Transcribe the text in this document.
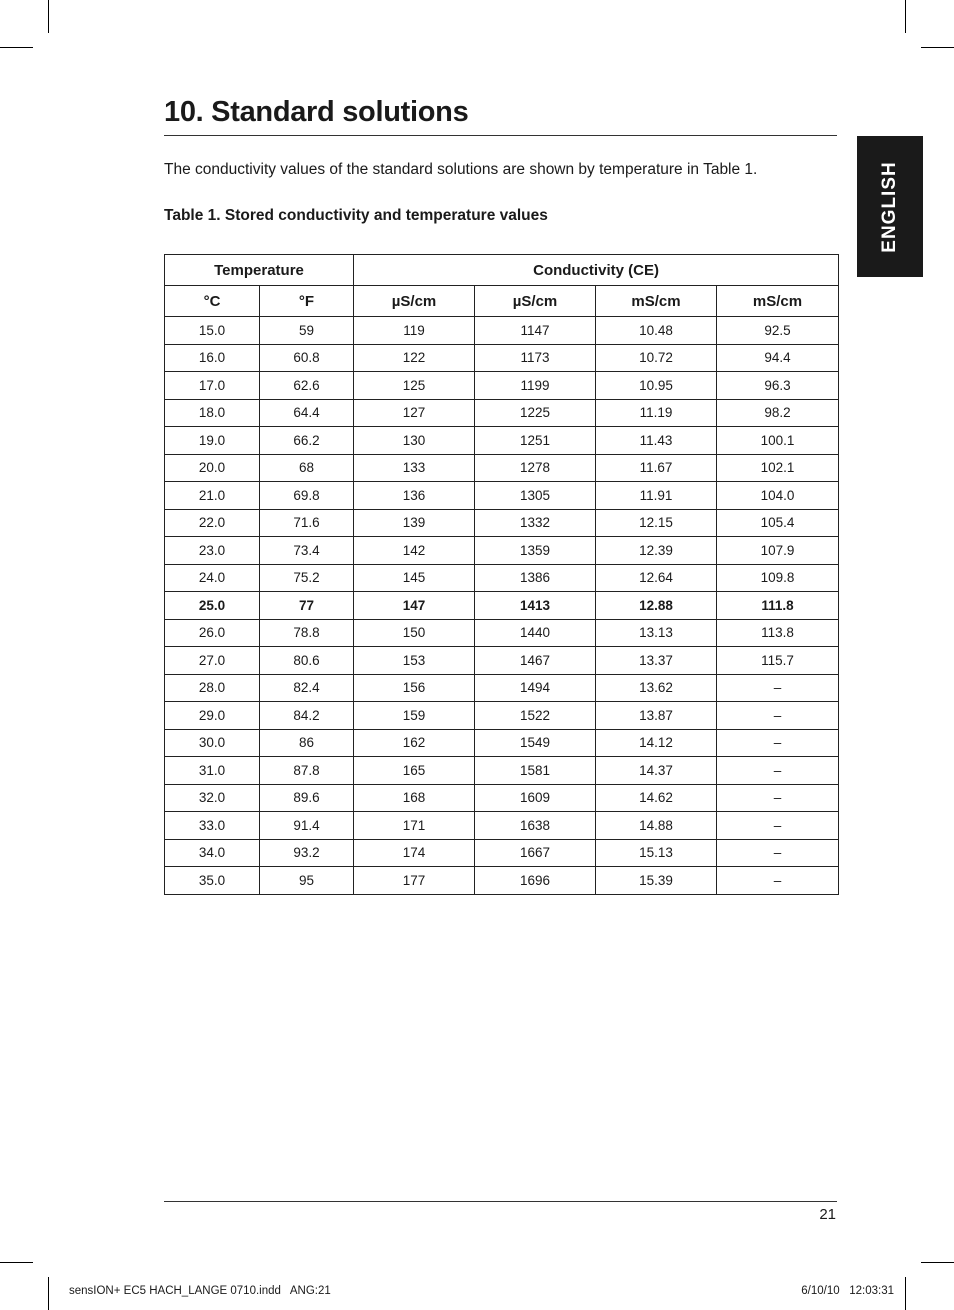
10. Standard solutions
ENGLISH

The conductivity values of the standard solutions are shown by temperature in Table 1.

Table 1. Stored conductivity and temperature values

Temperature		Conductivity (CE)			
°C	°F	µS/cm	µS/cm	mS/cm	mS/cm
15.0	59	119	1147	10.48	92.5
16.0	60.8	122	1173	10.72	94.4
17.0	62.6	125	1199	10.95	96.3
18.0	64.4	127	1225	11.19	98.2
19.0	66.2	130	1251	11.43	100.1
20.0	68	133	1278	11.67	102.1
21.0	69.8	136	1305	11.91	104.0
22.0	71.6	139	1332	12.15	105.4
23.0	73.4	142	1359	12.39	107.9
24.0	75.2	145	1386	12.64	109.8
25.0	77	147	1413	12.88	111.8
26.0	78.8	150	1440	13.13	113.8
27.0	80.6	153	1467	13.37	115.7
28.0	82.4	156	1494	13.62	–
29.0	84.2	159	1522	13.87	–
30.0	86	162	1549	14.12	–
31.0	87.8	165	1581	14.37	–
32.0	89.6	168	1609	14.62	–
33.0	91.4	171	1638	14.88	–
34.0	93.2	174	1667	15.13	–
35.0	95	177	1696	15.39	–
21
sensION+ EC5 HACH_LANGE 0710.indd   ANG:21	6/10/10   12:03:31
